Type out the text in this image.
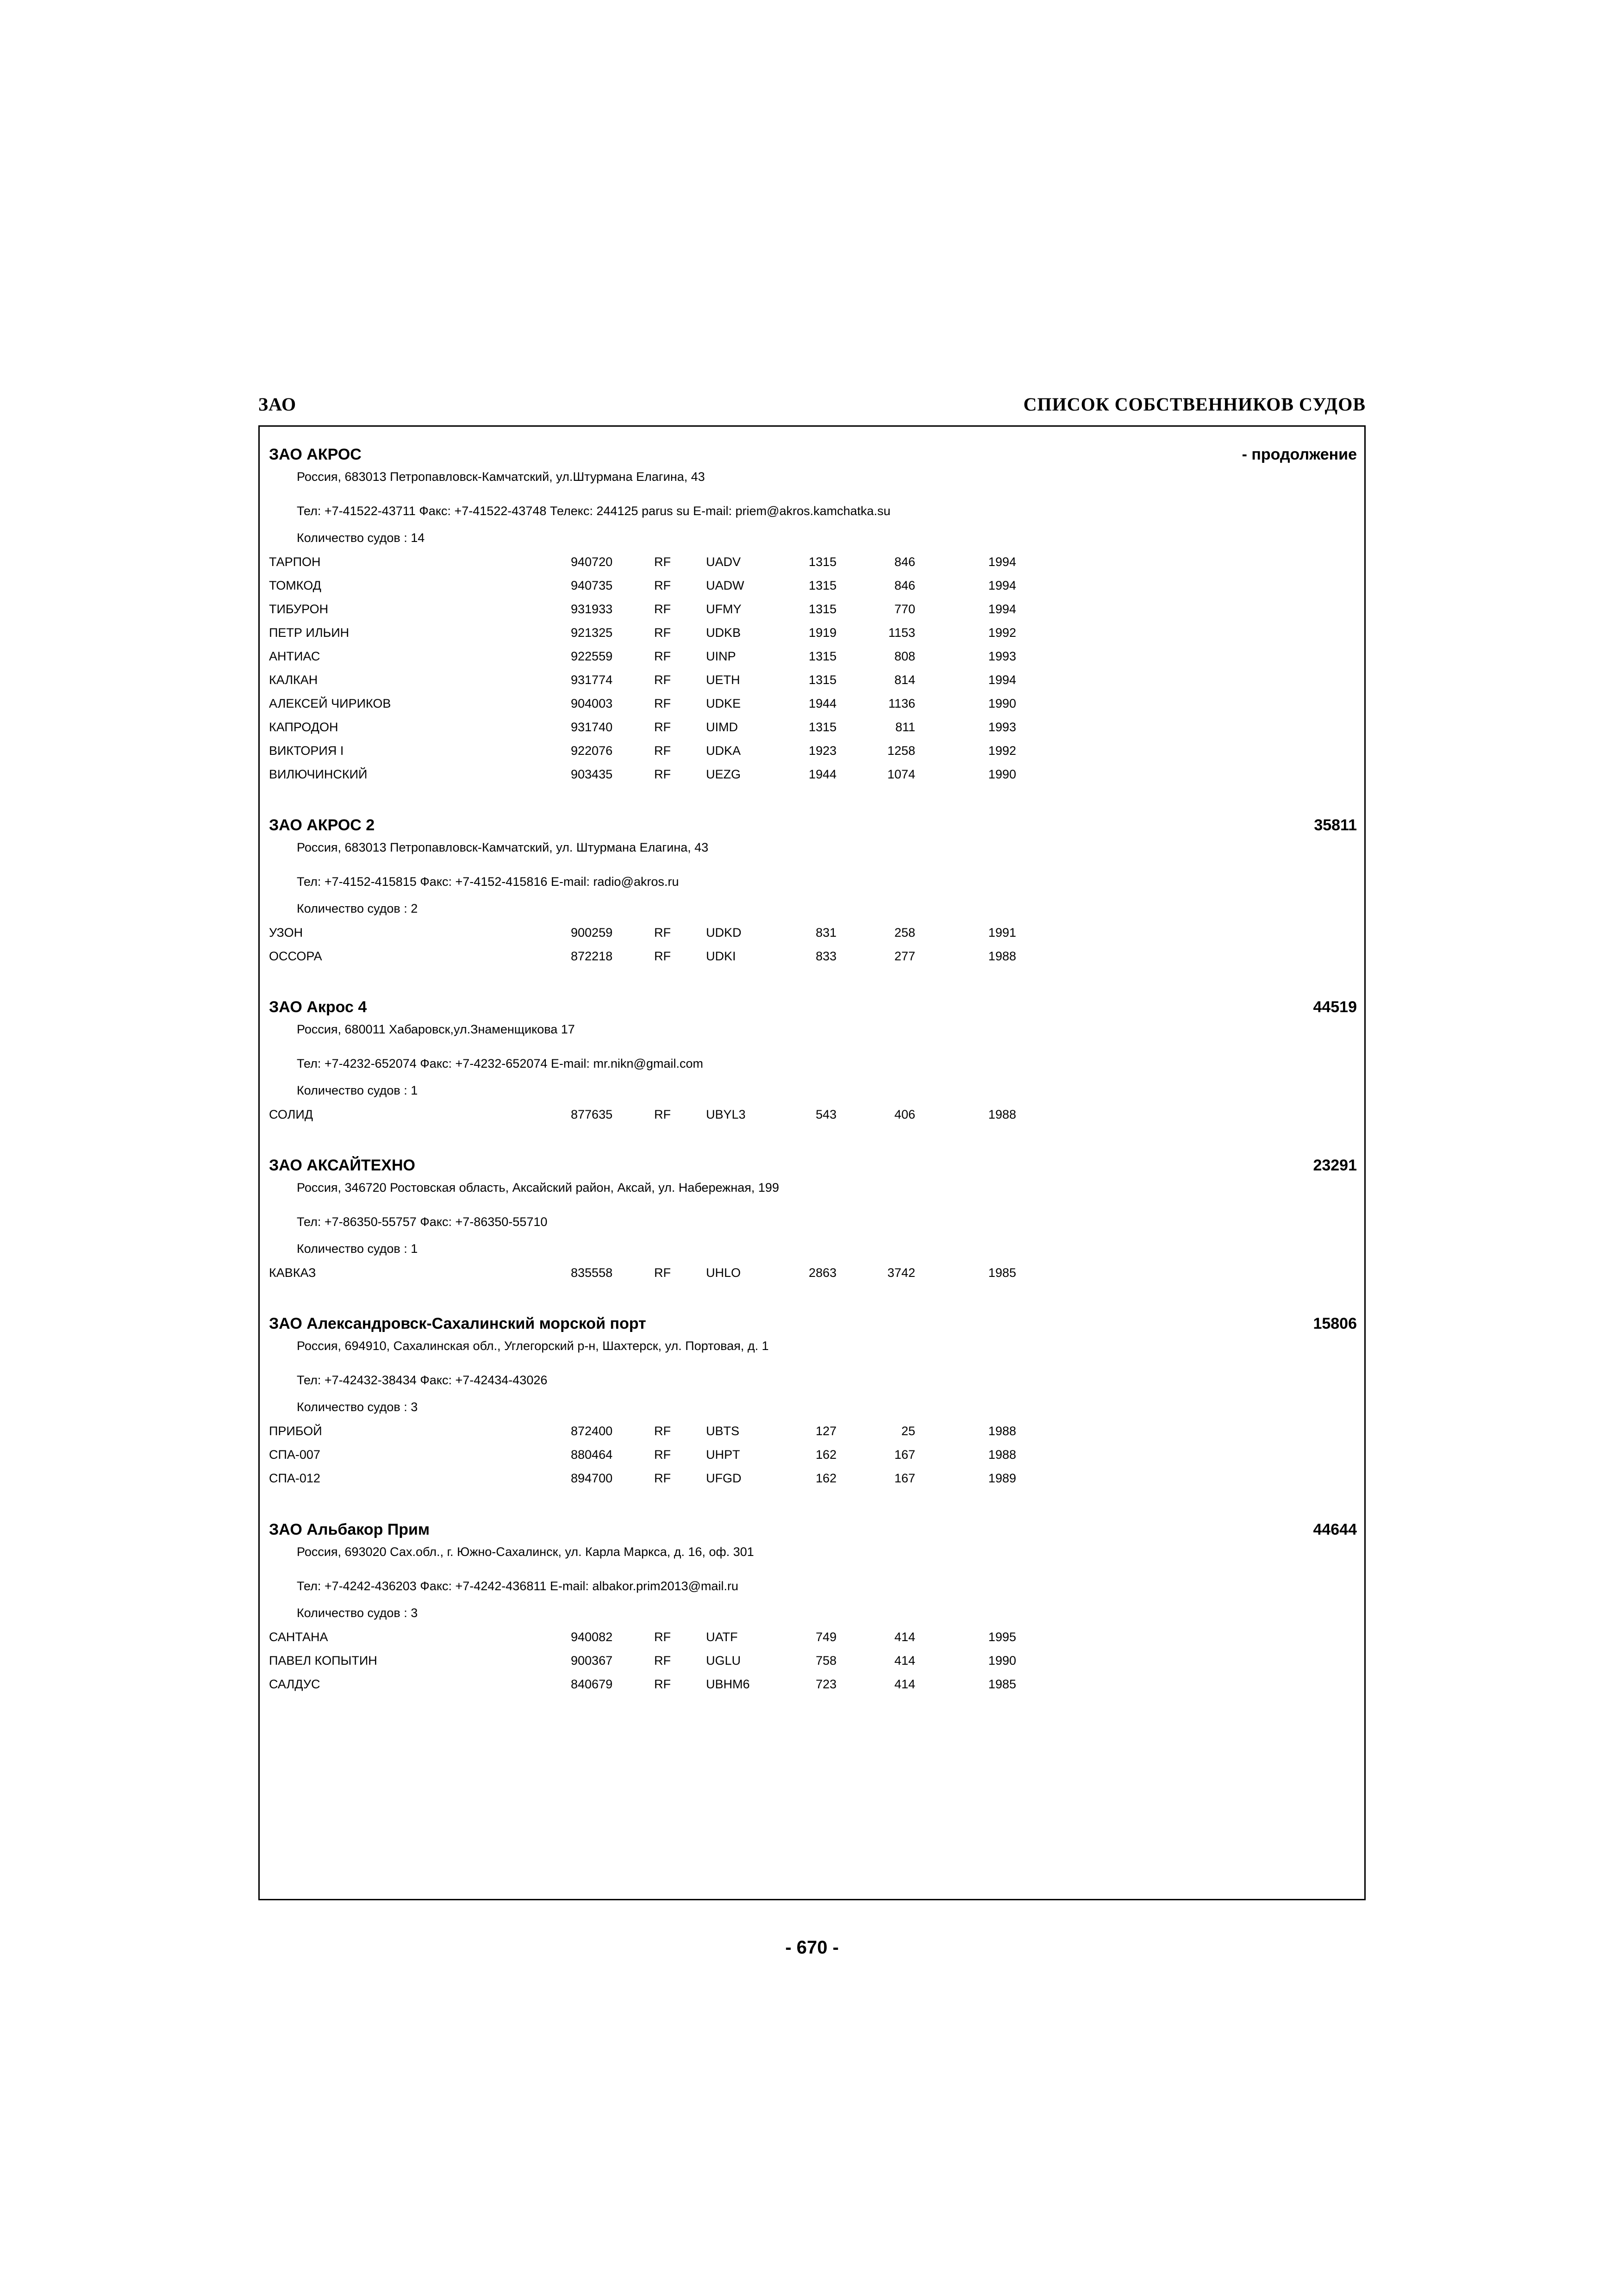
ЗАО	СПИСОК СОБСТВЕННИКОВ СУДОВ
ЗАО АКРОС	- продолжение
Россия, 683013 Петропавловск-Камчатский, ул.Штурмана Елагина, 43
Тел: +7-41522-43711 Факс: +7-41522-43748 Телекс: 244125 parus su E-mail: priem@akros.kamchatka.su
Количество судов : 14
ТАРПОН	940720	RF	UADV	1315	846	1994
ТОМКОД	940735	RF	UADW	1315	846	1994
ТИБУРОН	931933	RF	UFMY	1315	770	1994
ПЕТР ИЛЬИН	921325	RF	UDKB	1919	1153	1992
АНТИАС	922559	RF	UINP	1315	808	1993
КАЛКАН	931774	RF	UETH	1315	814	1994
АЛЕКСЕЙ ЧИРИКОВ	904003	RF	UDKE	1944	1136	1990
КАПРОДОН	931740	RF	UIMD	1315	811	1993
ВИКТОРИЯ I	922076	RF	UDKA	1923	1258	1992
ВИЛЮЧИНСКИЙ	903435	RF	UEZG	1944	1074	1990
ЗАО АКРОС 2	35811
Россия, 683013 Петропавловск-Камчатский, ул. Штурмана Елагина, 43
Тел: +7-4152-415815 Факс: +7-4152-415816 E-mail: radio@akros.ru
Количество судов : 2
УЗОН	900259	RF	UDKD	831	258	1991
ОССОРА	872218	RF	UDKI	833	277	1988
ЗАО Акрос 4	44519
Россия, 680011 Хабаровск,ул.Знаменщикова 17
Тел: +7-4232-652074 Факс: +7-4232-652074 E-mail: mr.nikn@gmail.com
Количество судов : 1
СОЛИД	877635	RF	UBYL3	543	406	1988
ЗАО АКСАЙТЕХНО	23291
Россия, 346720 Ростовская область, Аксайский район, Аксай, ул. Набережная, 199
Тел: +7-86350-55757 Факс: +7-86350-55710
Количество судов : 1
КАВКАЗ	835558	RF	UHLO	2863	3742	1985
ЗАО Александровск-Сахалинский морской порт	15806
Россия, 694910, Сахалинская обл., Углегорский р-н, Шахтерск, ул. Портовая, д. 1
Тел: +7-42432-38434 Факс: +7-42434-43026
Количество судов : 3
ПРИБОЙ	872400	RF	UBTS	127	25	1988
СПА-007	880464	RF	UHPT	162	167	1988
СПА-012	894700	RF	UFGD	162	167	1989
ЗАО Альбакор Прим	44644
Россия, 693020 Сах.обл., г. Южно-Сахалинск, ул. Карла Маркса, д. 16, оф. 301
Тел: +7-4242-436203 Факс: +7-4242-436811 E-mail: albakor.prim2013@mail.ru
Количество судов : 3
САНТАНА	940082	RF	UATF	749	414	1995
ПАВЕЛ КОПЫТИН	900367	RF	UGLU	758	414	1990
САЛДУС	840679	RF	UBHM6	723	414	1985
- 670 -
